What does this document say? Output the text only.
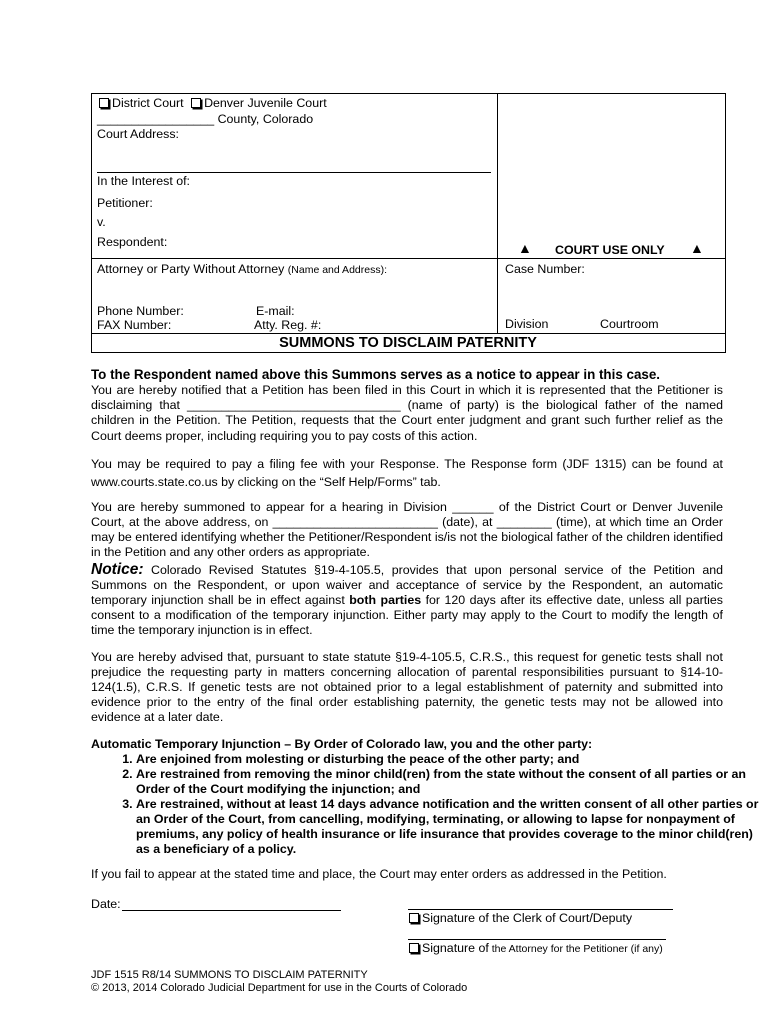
District Court Denver Juvenile Court
_________________ County, Colorado
Court Address:
In the Interest of:
Petitioner:
v.
Respondent:	▲ COURT USE ONLY ▲
Attorney or Party Without Attorney (Name and Address):
Phone Number:	E-mail:
FAX Number:	Atty. Reg. #:
Case Number:
Division	Courtroom
SUMMONS TO DISCLAIM PATERNITY
To the Respondent named above this Summons serves as a notice to appear in this case.
You are hereby notified that a Petition has been filed in this Court in which it is represented that the Petitioner is disclaiming that _______________________________ (name of party) is the biological father of the named children in the Petition. The Petition, requests that the Court enter judgment and grant such further relief as the Court deems proper, including requiring you to pay costs of this action.
You may be required to pay a filing fee with your Response. The Response form (JDF 1315) can be found at www.courts.state.co.us by clicking on the “Self Help/Forms” tab.
You are hereby summoned to appear for a hearing in Division ______ of the District Court or Denver Juvenile Court, at the above address, on ________________________ (date), at ________ (time), at which time an Order may be entered identifying whether the Petitioner/Respondent is/is not the biological father of the children identified in the Petition and any other orders as appropriate.
Notice: Colorado Revised Statutes §19-4-105.5, provides that upon personal service of the Petition and Summons on the Respondent, or upon waiver and acceptance of service by the Respondent, an automatic temporary injunction shall be in effect against both parties for 120 days after its effective date, unless all parties consent to a modification of the temporary injunction. Either party may apply to the Court to modify the length of time the temporary injunction is in effect.
You are hereby advised that, pursuant to state statute §19-4-105.5, C.R.S., this request for genetic tests shall not prejudice the requesting party in matters concerning allocation of parental responsibilities pursuant to §14-10-124(1.5), C.R.S. If genetic tests are not obtained prior to a legal establishment of paternity and submitted into evidence prior to the entry of the final order establishing paternity, the genetic tests may not be allowed into evidence at a later date.
Automatic Temporary Injunction – By Order of Colorado law, you and the other party:
1. Are enjoined from molesting or disturbing the peace of the other party; and
2. Are restrained from removing the minor child(ren) from the state without the consent of all parties or an Order of the Court modifying the injunction; and
3. Are restrained, without at least 14 days advance notification and the written consent of all other parties or an Order of the Court, from cancelling, modifying, terminating, or allowing to lapse for nonpayment of premiums, any policy of health insurance or life insurance that provides coverage to the minor child(ren) as a beneficiary of a policy.
If you fail to appear at the stated time and place, the Court may enter orders as addressed in the Petition.
Date:
Signature of the Clerk of Court/Deputy
Signature of the Attorney for the Petitioner (if any)
JDF 1515 R8/14 SUMMONS TO DISCLAIM PATERNITY
© 2013, 2014 Colorado Judicial Department for use in the Courts of Colorado
